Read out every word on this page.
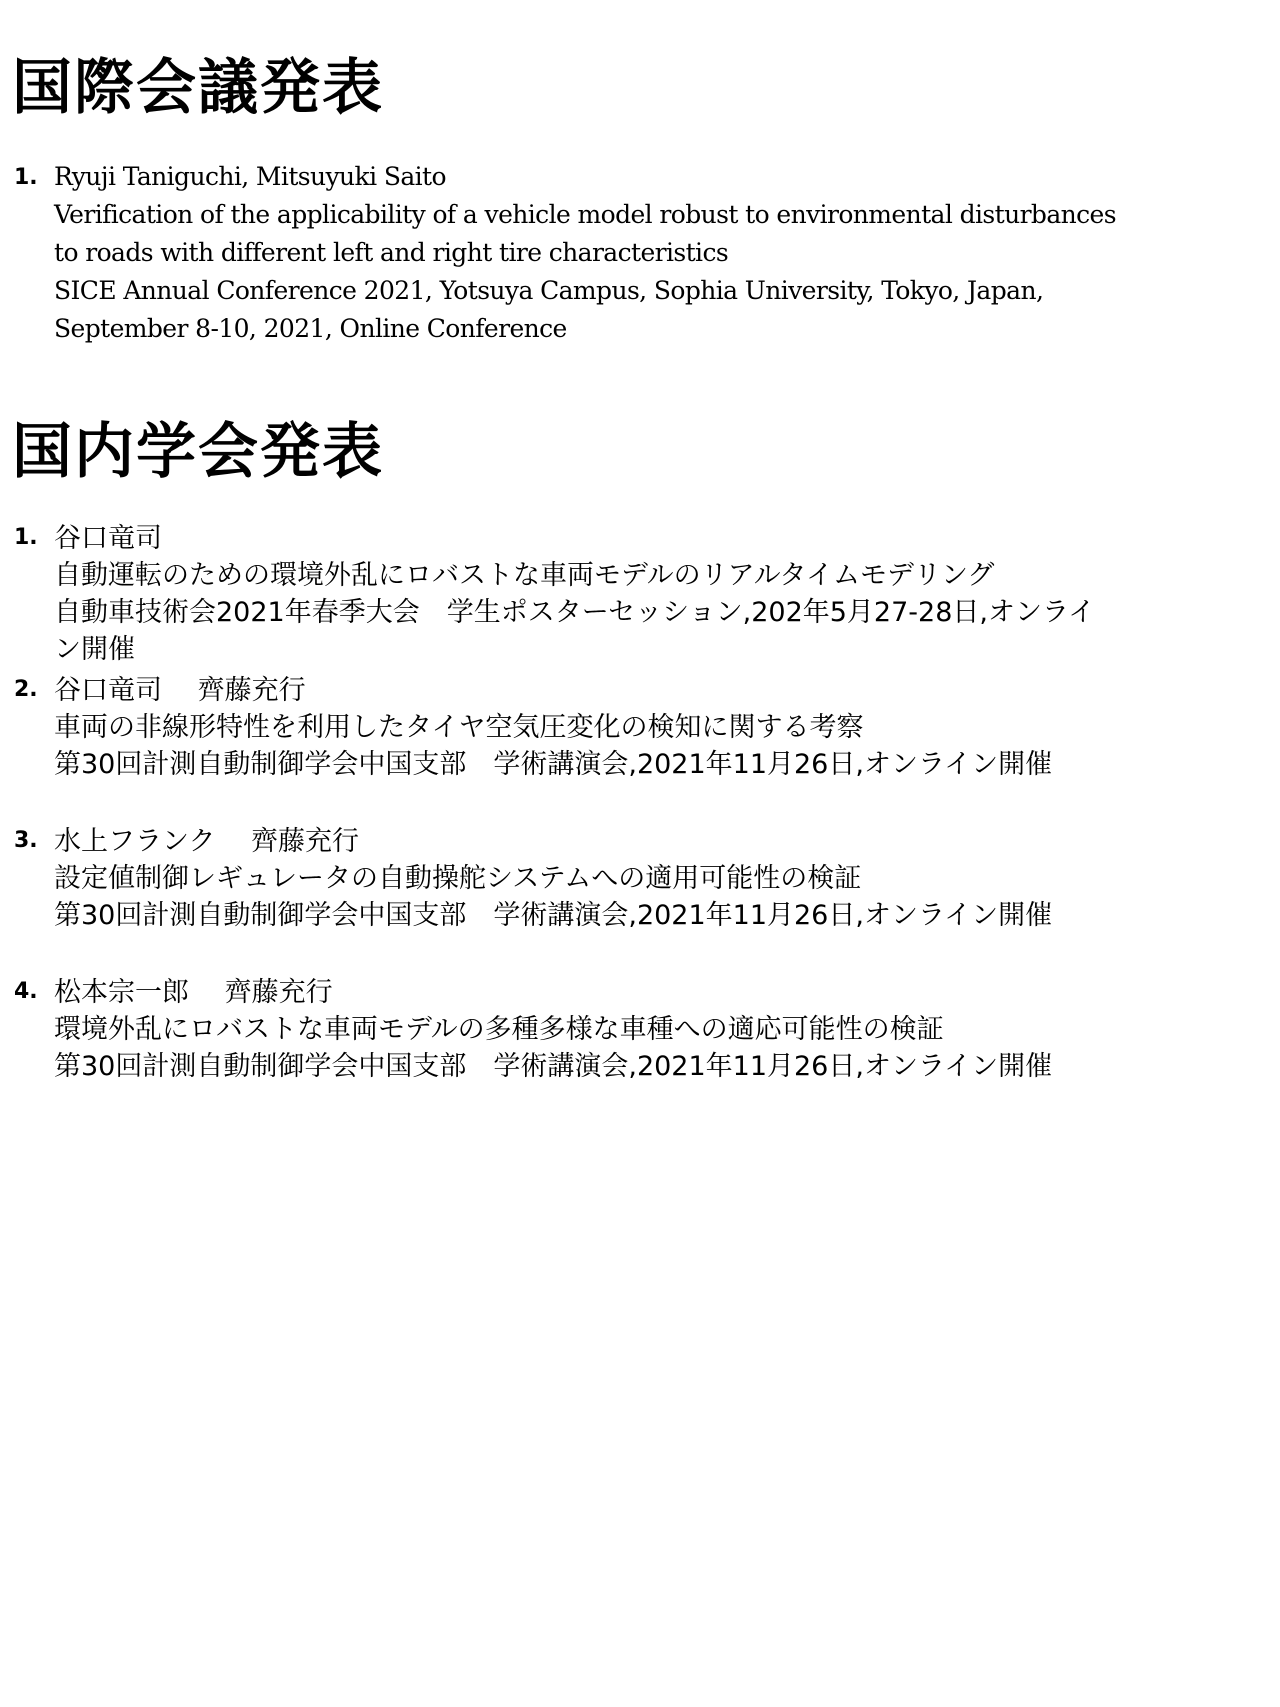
国際会議発表
1. Ryuji Taniguchi, Mitsuyuki Saito
Verification of the applicability of a vehicle model robust to environmental disturbances
to roads with different left and right tire characteristics
SICE Annual Conference 2021, Yotsuya Campus, Sophia University, Tokyo, Japan,
September 8-10, 2021, Online Conference
国内学会発表
1. 谷口竜司
自動運転のための環境外乱にロバストな車両モデルのリアルタイムモデリング
自動車技術会2021年春季大会　学生ポスターセッション,202年5月27-28日,オンライ
ン開催
2. 谷口竜司　 齊藤充行
車両の非線形特性を利用したタイヤ空気圧変化の検知に関する考察
第30回計測自動制御学会中国支部　学術講演会,2021年11月26日,オンライン開催
3. 水上フランク　 齊藤充行
設定値制御レギュレータの自動操舵システムへの適用可能性の検証
第30回計測自動制御学会中国支部　学術講演会,2021年11月26日,オンライン開催
4. 松本宗一郎　 齊藤充行
環境外乱にロバストな車両モデルの多種多様な車種への適応可能性の検証
第30回計測自動制御学会中国支部　学術講演会,2021年11月26日,オンライン開催
